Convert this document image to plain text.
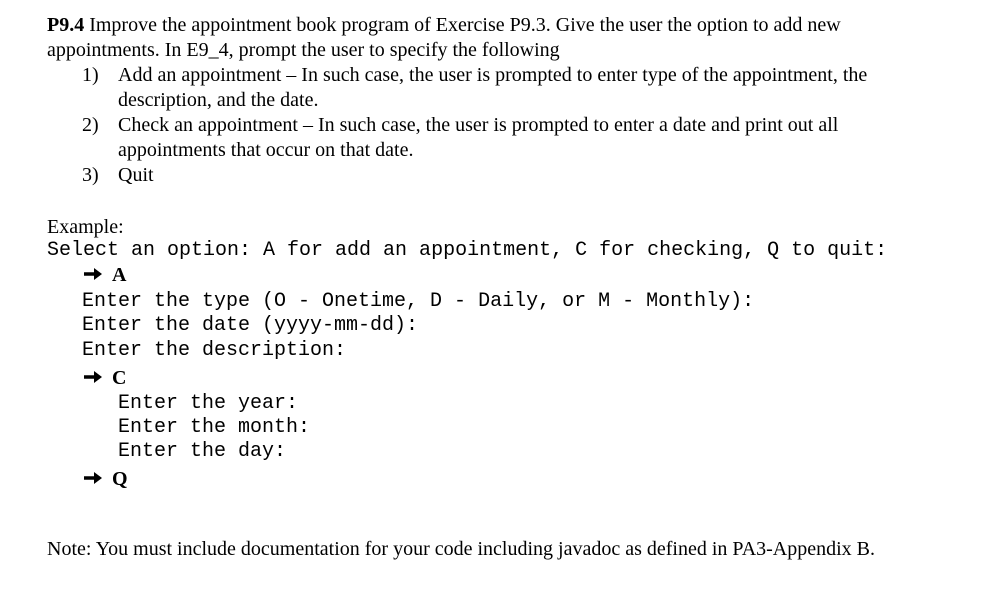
P9.4 Improve the appointment book program of Exercise P9.3. Give the user the option to add new
appointments. In E9_4, prompt the user to specify the following
1) Add an appointment – In such case, the user is prompted to enter type of the appointment, the
description, and the date.
2) Check an appointment – In such case, the user is prompted to enter a date and print out all
appointments that occur on that date.
3) Quit
Example:
Select an option: A for add an appointment, C for checking, Q to quit:
A
Enter the type (O - Onetime, D - Daily, or M - Monthly):
Enter the date (yyyy-mm-dd):
Enter the description:
C
Enter the year:
Enter the month:
Enter the day:
Q
Note: You must include documentation for your code including javadoc as defined in PA3-Appendix B.
